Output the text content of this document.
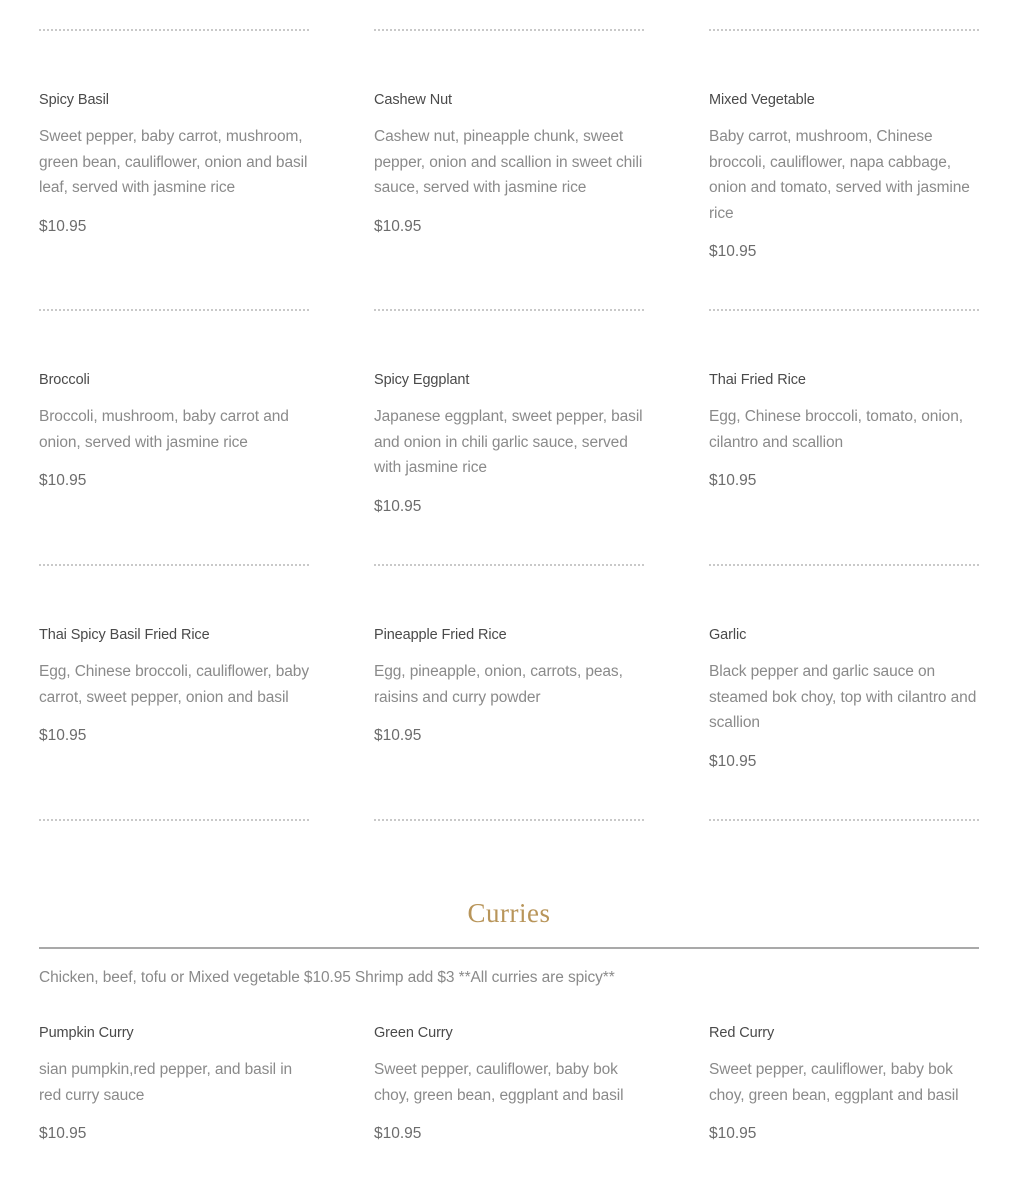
Spicy Basil
Sweet pepper, baby carrot, mushroom, green bean, cauliflower, onion and basil leaf, served with jasmine rice
$10.95
Cashew Nut
Cashew nut, pineapple chunk, sweet pepper, onion and scallion in sweet chili sauce, served with jasmine rice
$10.95
Mixed Vegetable
Baby carrot, mushroom, Chinese broccoli, cauliflower, napa cabbage, onion and tomato, served with jasmine rice
$10.95
Broccoli
Broccoli, mushroom, baby carrot and onion, served with jasmine rice
$10.95
Spicy Eggplant
Japanese eggplant, sweet pepper, basil and onion in chili garlic sauce, served with jasmine rice
$10.95
Thai Fried Rice
Egg, Chinese broccoli, tomato, onion, cilantro and scallion
$10.95
Thai Spicy Basil Fried Rice
Egg, Chinese broccoli, cauliflower, baby carrot, sweet pepper, onion and basil
$10.95
Pineapple Fried Rice
Egg, pineapple, onion, carrots, peas, raisins and curry powder
$10.95
Garlic
Black pepper and garlic sauce on steamed bok choy, top with cilantro and scallion
$10.95
Curries
Chicken, beef, tofu or Mixed vegetable $10.95 Shrimp add $3 **All curries are spicy**
Pumpkin Curry
sian pumpkin,red pepper, and basil in red curry sauce
$10.95
Green Curry
Sweet pepper, cauliflower, baby bok choy, green bean, eggplant and basil
$10.95
Red Curry
Sweet pepper, cauliflower, baby bok choy, green bean, eggplant and basil
$10.95
